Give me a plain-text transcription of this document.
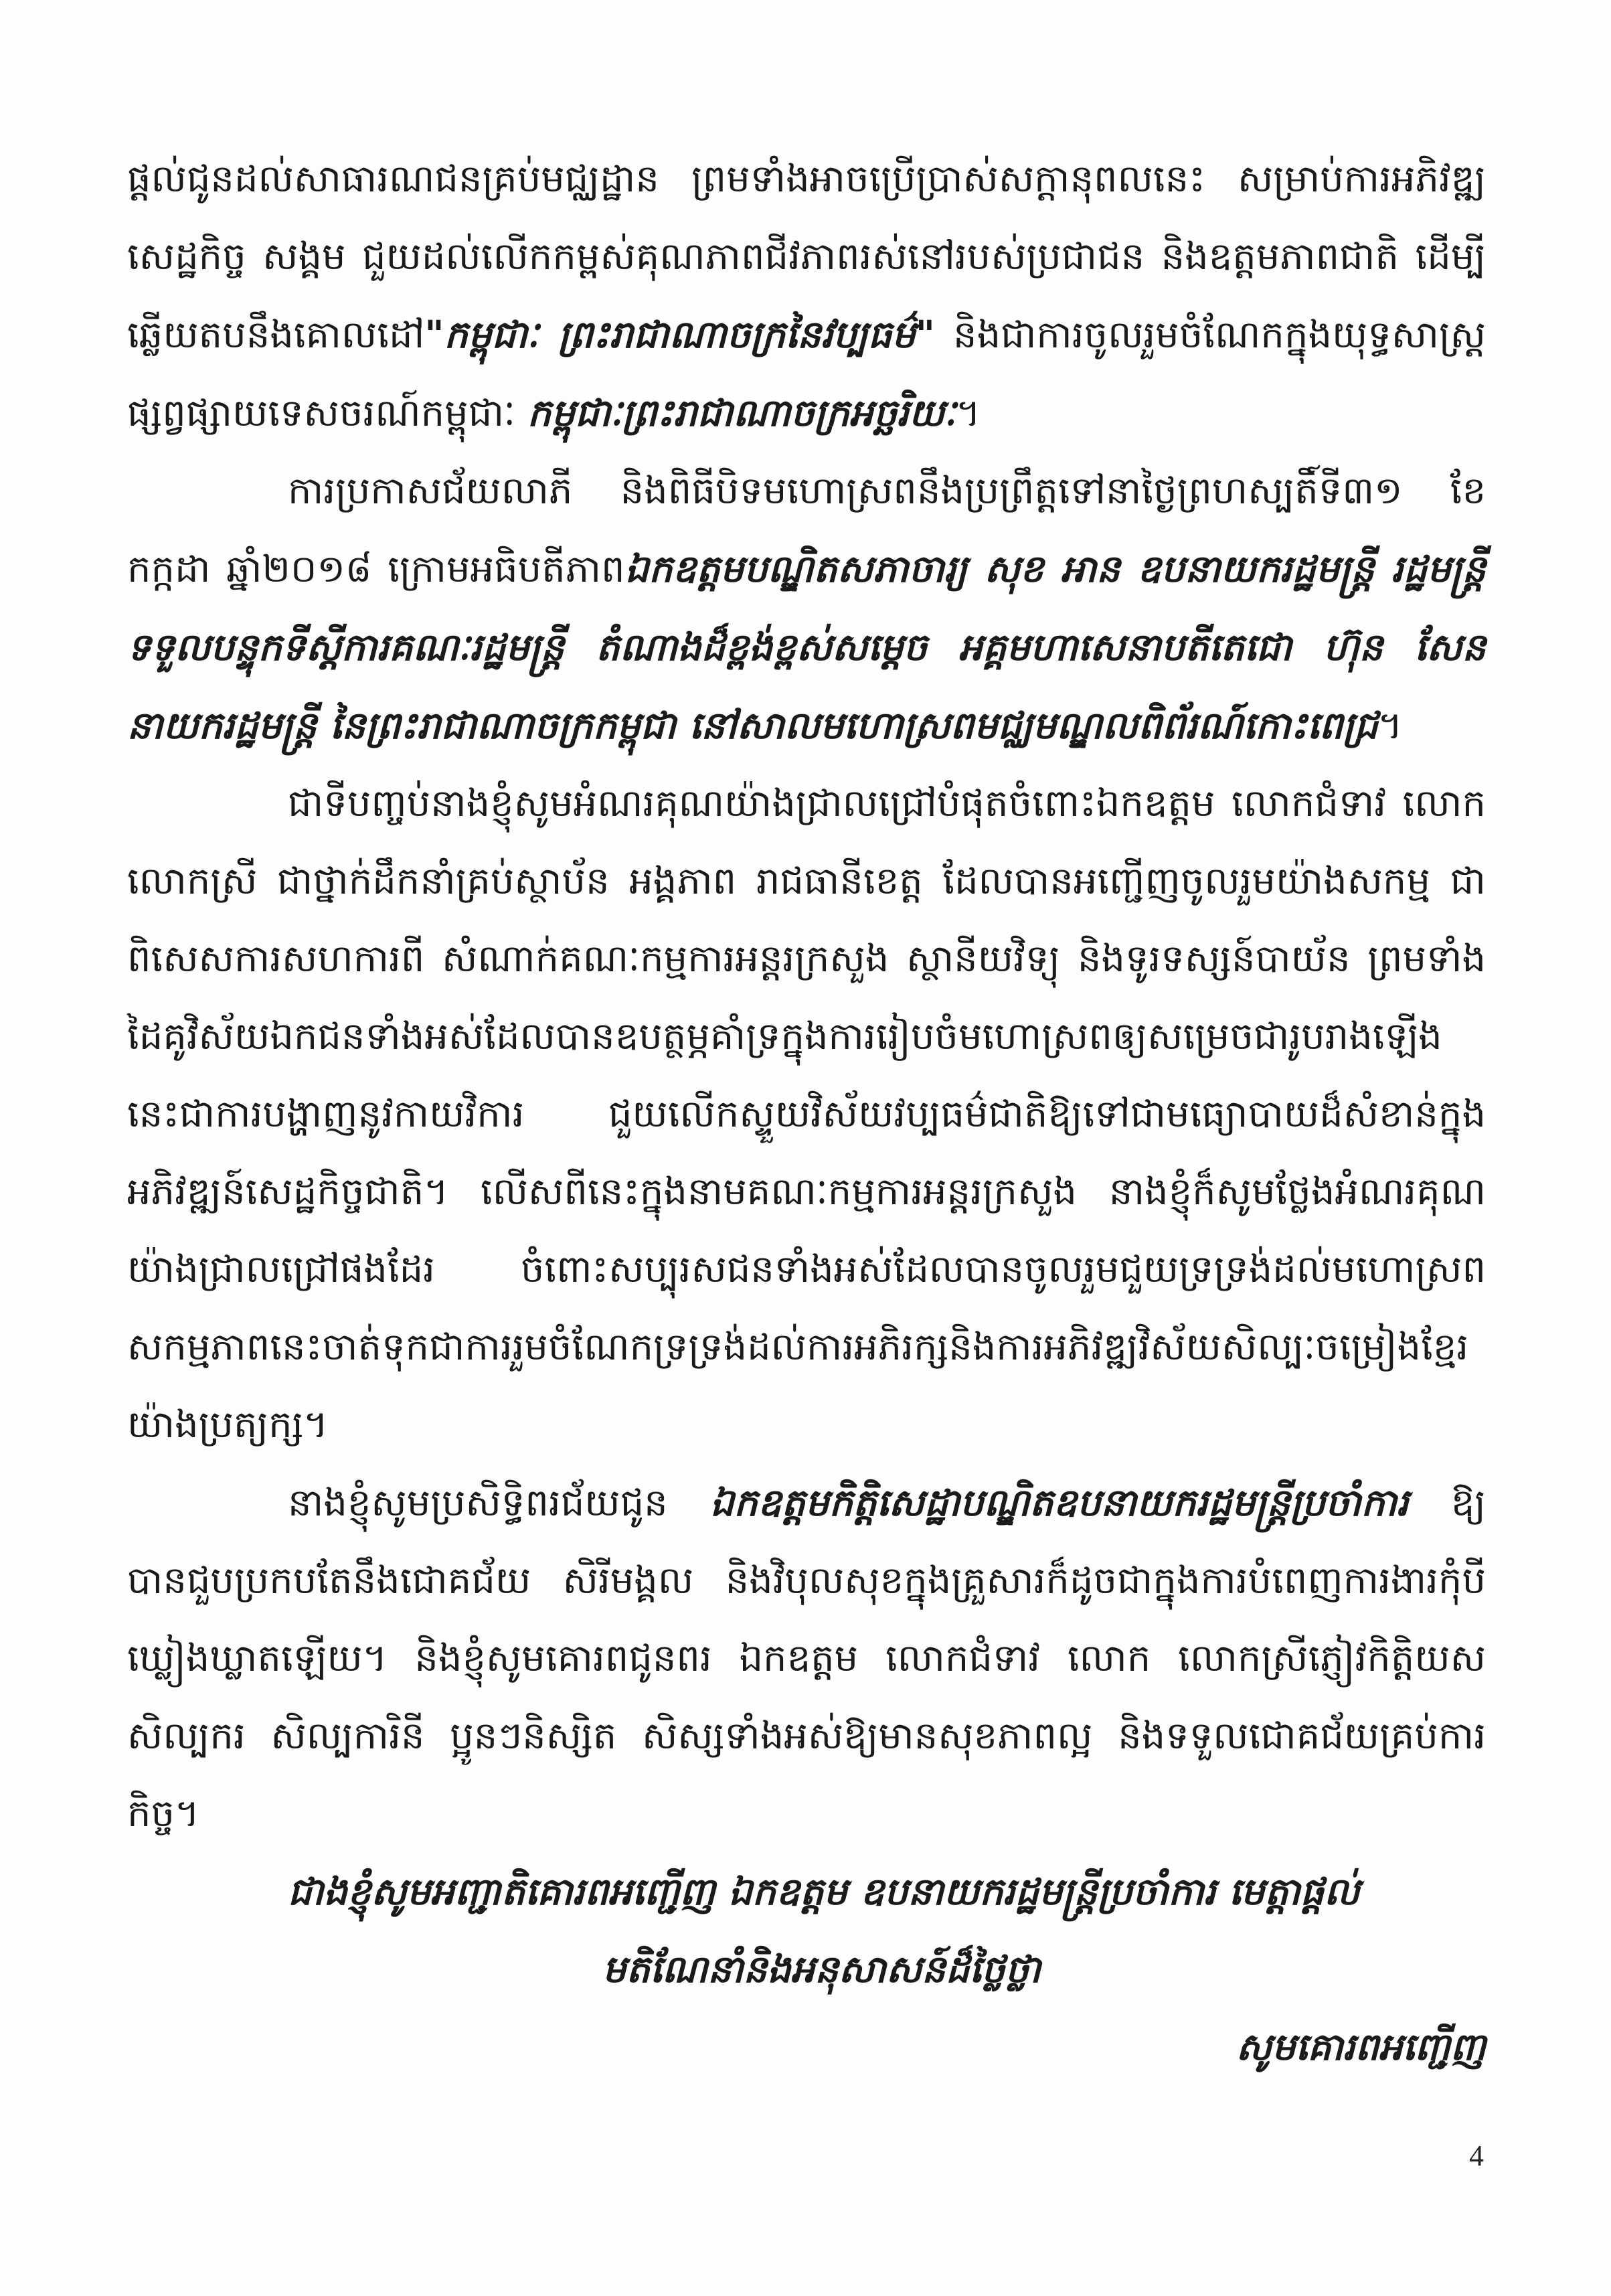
ផ្តល់ជូនដល់សាធារណជនគ្រប់មជ្ឈដ្ឋាន ព្រមទាំងអាចប្រើប្រាស់សក្តានុពលនេះ សម្រាប់ការអភិវឌ្ឍសេដ្ឋកិច្ច សង្គម ជួយដល់លើកកម្ពស់គុណភាពជីវភាពរស់នៅរបស់ប្រជាជន និងឧត្តមភាពជាតិ ដើម្បីឆ្លើយតបនឹងគោលដៅ"កម្ពុជាៈ ព្រះរាជាណាចក្រនៃវប្បធម៌" និងជាការចូលរួមចំណែកក្នុងយុទ្ធសាស្ត្រផ្សព្វផ្សាយទេសចរណ៍កម្ពុជាៈ កម្ពុជាៈព្រះរាជាណាចក្រអច្ឆរិយៈ។

ការប្រកាសជ័យលាភី និងពិធីបិទមហោស្រពនឹងប្រព្រឹត្តទៅនាថ្ងៃព្រហស្បតិ៍ទី៣១ ខែកក្កដា ឆ្នាំ២០១៨ ក្រោមអធិបតីភាពឯកឧត្តមបណ្ឌិតសភាចារ្យ សុខ អាន ឧបនាយករដ្ឋមន្ត្រី រដ្ឋមន្ត្រីទទួលបន្ទុកទីស្តីការគណៈរដ្ឋមន្ត្រី តំណាងដ៏ខ្ពង់ខ្ពស់សម្តេច អគ្គមហាសេនាបតីតេជោ ហ៊ុន សែន នាយករដ្ឋមន្ត្រី នៃព្រះរាជាណាចក្រកម្ពុជា នៅសាលមហោស្រពមជ្ឈមណ្ឌលពិព័រណ៍កោះពេជ្រ។

ជាទីបញ្ចប់នាងខ្ញុំសូមអំណរគុណយ៉ាងជ្រាលជ្រៅបំផុតចំពោះឯកឧត្តម លោកជំទាវ លោក លោកស្រី ជាថ្នាក់ដឹកនាំគ្រប់ស្ថាប័ន អង្គភាព រាជធានីខេត្ត ដែលបានអញ្ជើញចូលរួមយ៉ាងសកម្ម ជាពិសេសការសហការពី សំណាក់គណៈកម្មការអន្តរក្រសួង ស្ថានីយវិទ្យុ និងទូរទស្សន៍បាយ័ន ព្រមទាំងដៃគូវិស័យឯកជនទាំងអស់ដែលបានឧបត្ថម្ភគាំទ្រក្នុងការរៀបចំមហោស្រពឲ្យសម្រេចជារូបរាងឡើង នេះជាការបង្ហាញនូវកាយវិការ ជួយលើកស្ទួយវិស័យវប្បធម៌ជាតិឱ្យទៅជាមធ្យោបាយដ៏សំខាន់ក្នុងអភិវឌ្ឍន៍សេដ្ឋកិច្ចជាតិ។ លើសពីនេះក្នុងនាមគណៈកម្មការអន្តរក្រសួង នាងខ្ញុំក៏សូមថ្លែងអំណរគុណយ៉ាងជ្រាលជ្រៅផងដែរ ចំពោះសប្បុរសជនទាំងអស់ដែលបានចូលរួមជួយទ្រទ្រង់ដល់មហោស្រព សកម្មភាពនេះចាត់ទុកជាការរួមចំណែកទ្រទ្រង់ដល់ការអភិរក្សនិងការអភិវឌ្ឍវិស័យសិល្បៈចម្រៀងខ្មែរយ៉ាងប្រត្យក្ស។

នាងខ្ញុំសូមប្រសិទ្ធិពរជ័យជូន ឯកឧត្តមកិត្តិសេដ្ឋាបណ្ឌិតឧបនាយករដ្ឋមន្ត្រីប្រចាំការ ឱ្យបានជួបប្រកបតែនឹងជោគជ័យ សិរីមង្គល និងវិបុលសុខក្នុងគ្រួសារក៏ដូចជាក្នុងការបំពេញការងារកុំបីឃ្លៀងឃ្លាតឡើយ។ និងខ្ញុំសូមគោរពជូនពរ ឯកឧត្តម លោកជំទាវ លោក លោកស្រីភ្ញៀវកិត្តិយស សិល្បករ សិល្បការិនី ប្អូនៗនិស្សិត សិស្សទាំងអស់ឱ្យមានសុខភាពល្អ និងទទួលជោគជ័យគ្រប់ការកិច្ច។

ជាងខ្ញុំសូមអញ្ជាតិគោរពអញ្ជើញ ឯកឧត្តម ឧបនាយករដ្ឋមន្ត្រីប្រចាំការ មេត្តាផ្តល់

មតិណែនាំនិងអនុសាសន៍ដ៏ថ្លៃថ្លា

សូមគោរពអញ្ជើញ

4
